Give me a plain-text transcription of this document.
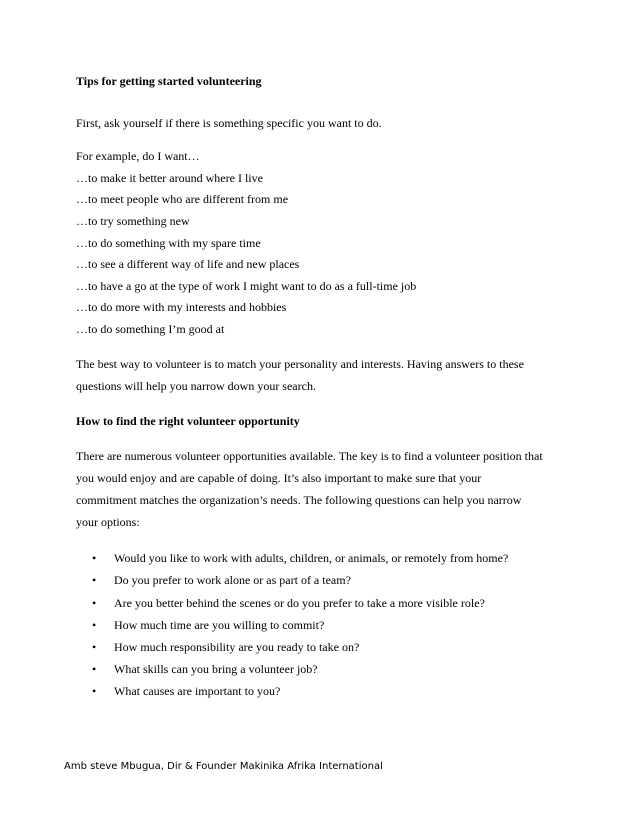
Tips for getting started volunteering
First, ask yourself if there is something specific you want to do.
For example, do I want…
…to make it better around where I live
…to meet people who are different from me
…to try something new
…to do something with my spare time
…to see a different way of life and new places
…to have a go at the type of work I might want to do as a full-time job
…to do more with my interests and hobbies
…to do something I’m good at
The best way to volunteer is to match your personality and interests. Having answers to these
questions will help you narrow down your search.
How to find the right volunteer opportunity
There are numerous volunteer opportunities available. The key is to find a volunteer position that
you would enjoy and are capable of doing. It’s also important to make sure that your
commitment matches the organization’s needs. The following questions can help you narrow
your options:
•	Would you like to work with adults, children, or animals, or remotely from home?
•	Do you prefer to work alone or as part of a team?
•	Are you better behind the scenes or do you prefer to take a more visible role?
•	How much time are you willing to commit?
•	How much responsibility are you ready to take on?
•	What skills can you bring a volunteer job?
•	What causes are important to you?
Amb steve Mbugua, Dir & Founder Makinika Afrika International
